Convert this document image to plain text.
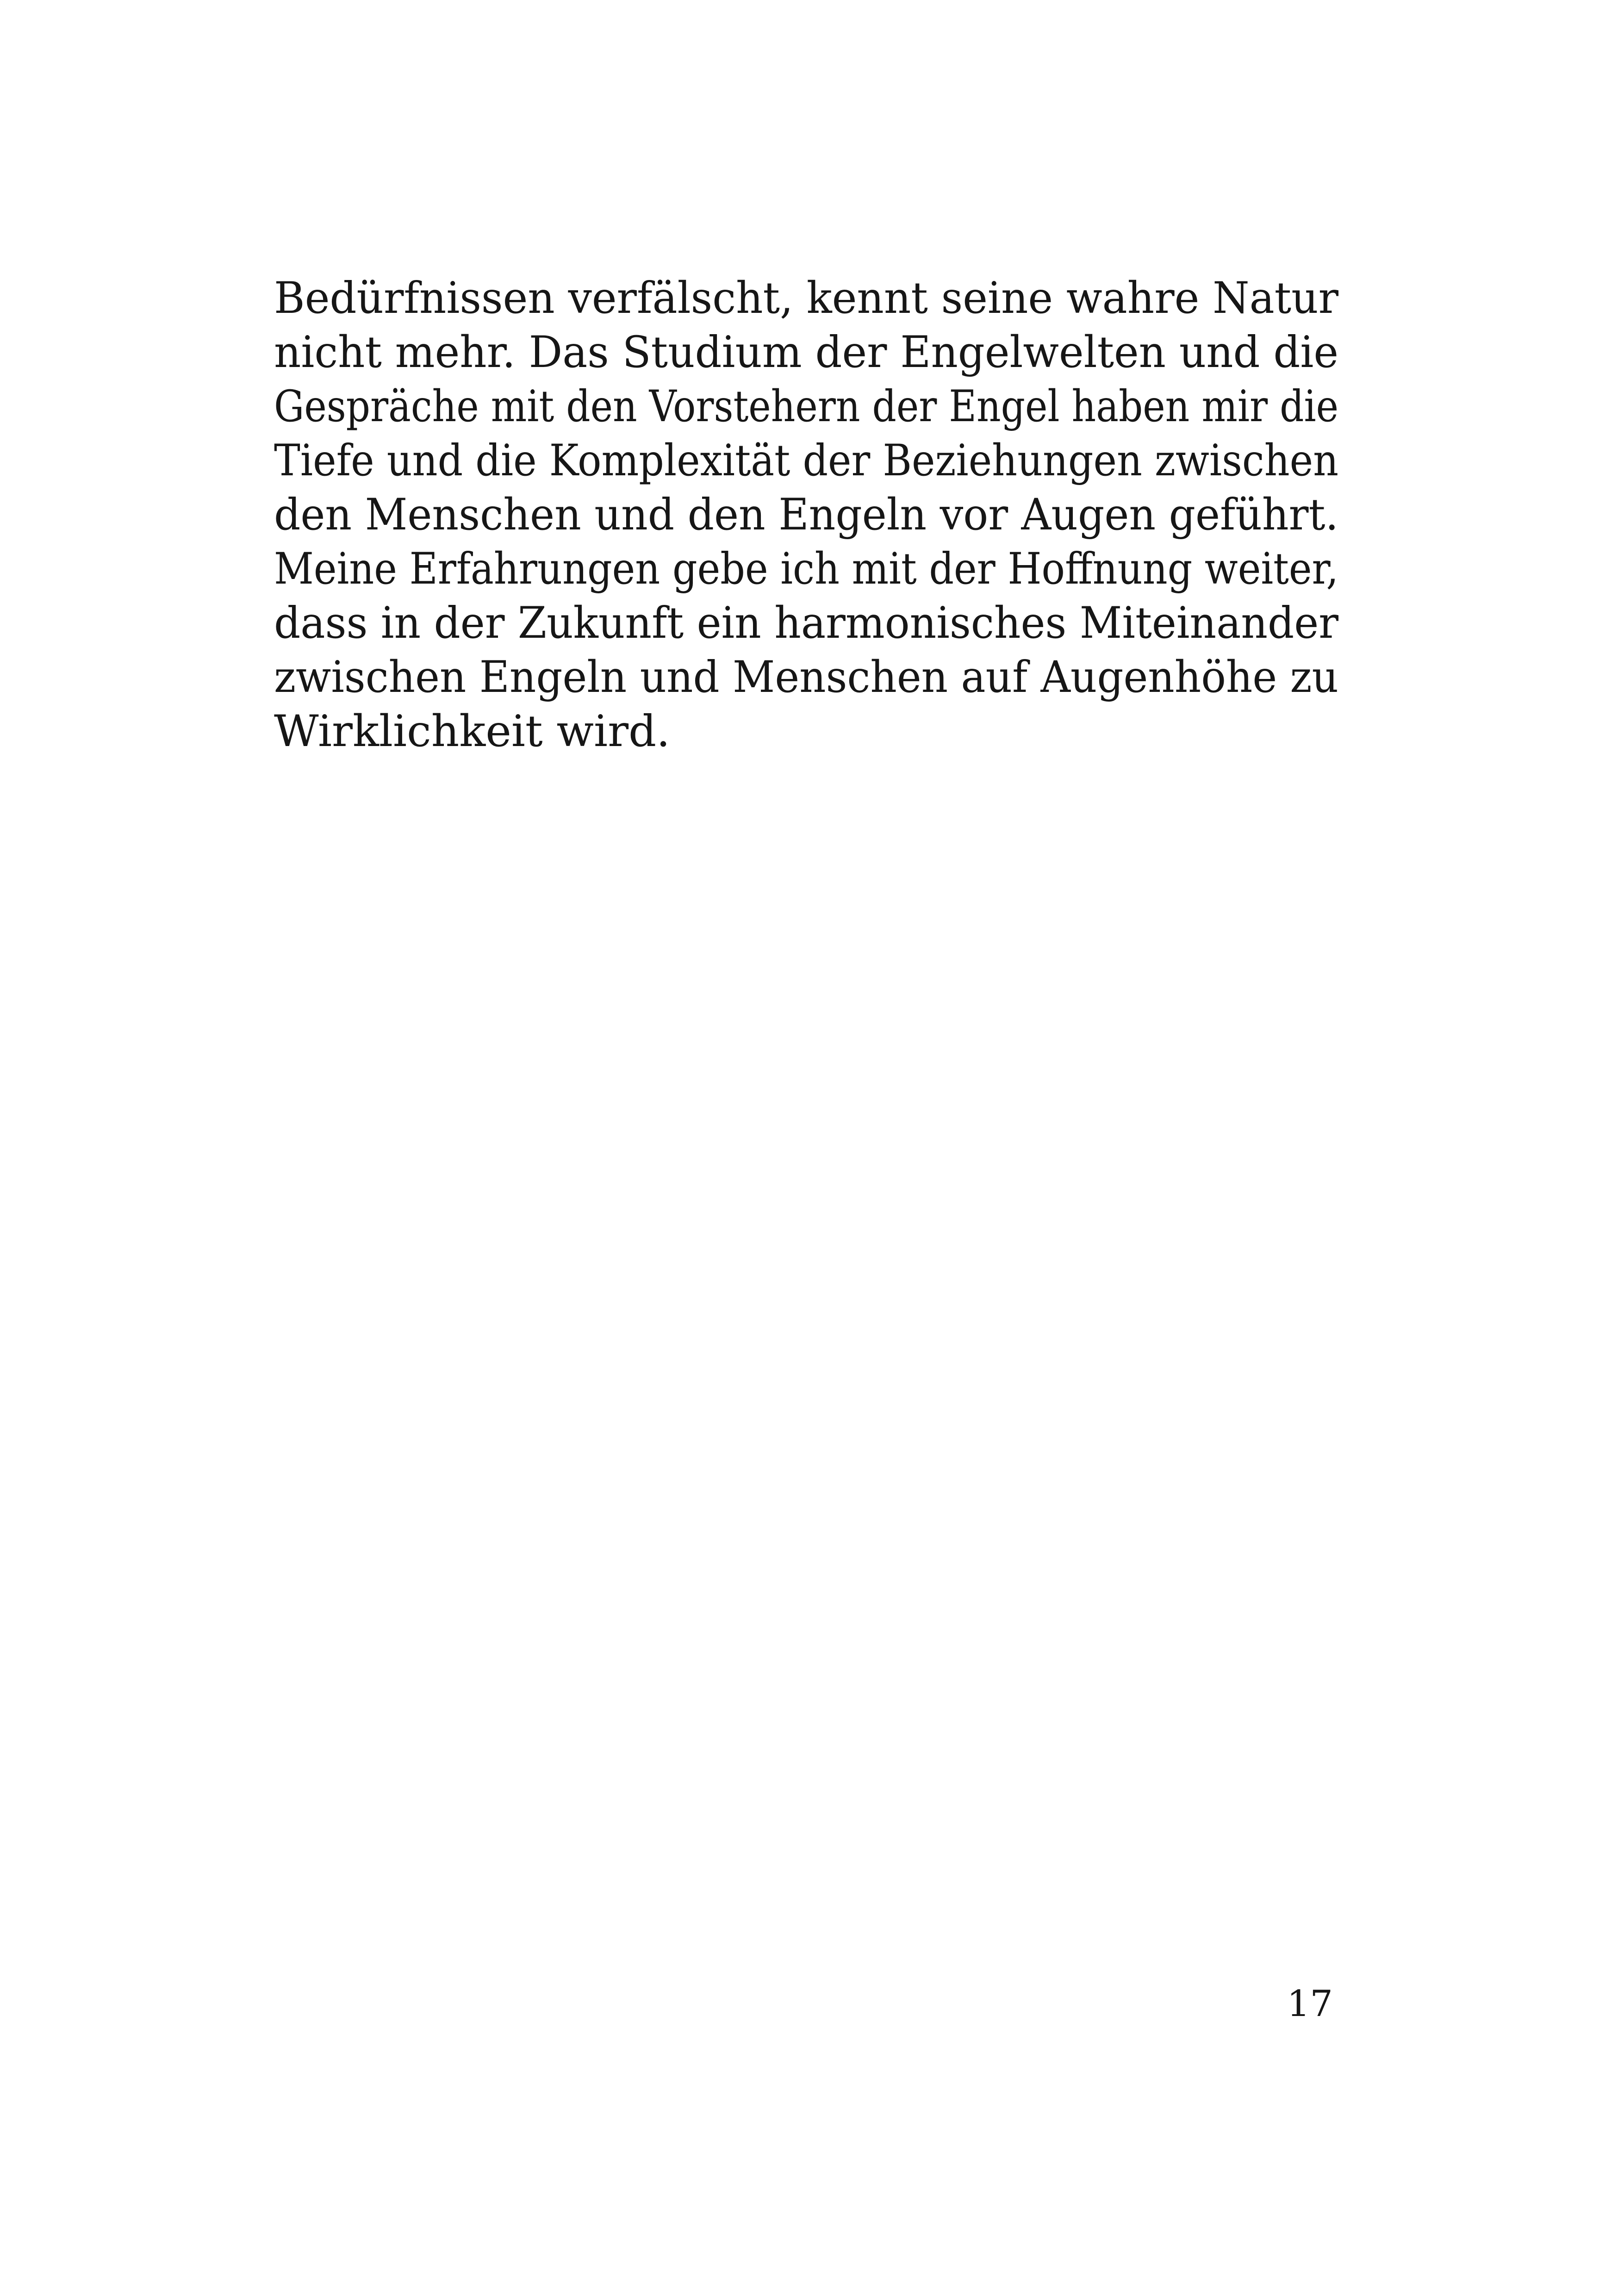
Bedürfnissen verfälscht, kennt seine wahre Natur
nicht mehr. Das Studium der Engelwelten und die
Gespräche mit den Vorstehern der Engel haben mir die
Tiefe und die Komplexität der Beziehungen zwischen
den Menschen und den Engeln vor Augen geführt.
Meine Erfahrungen gebe ich mit der Hoffnung weiter,
dass in der Zukunft ein harmonisches Miteinander
zwischen Engeln und Menschen auf Augenhöhe zu
Wirklichkeit wird.
17
